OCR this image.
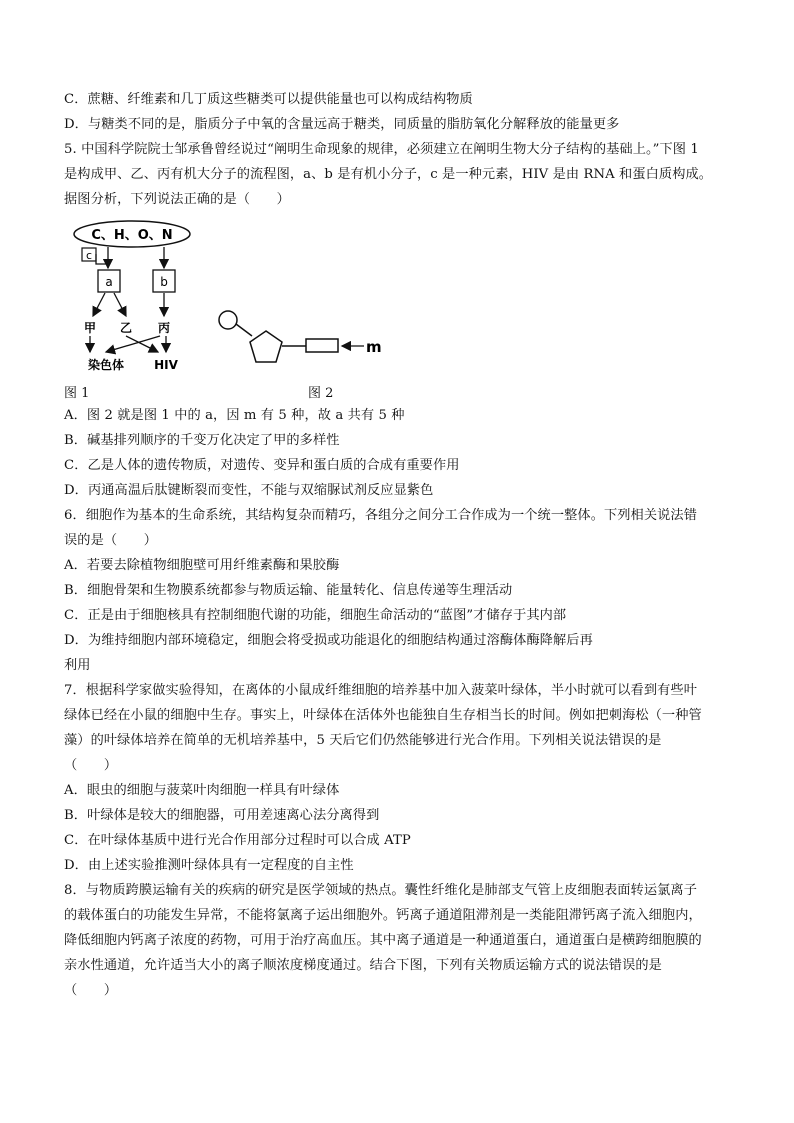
C．蔗糖、纤维素和几丁质这些糖类可以提供能量也可以构成结构物质
D．与糖类不同的是，脂质分子中氧的含量远高于糖类，同质量的脂肪氧化分解释放的能量更多
5. 中国科学院院士邹承鲁曾经说过“阐明生命现象的规律，必须建立在阐明生物大分子结构的基础上。”下图 1
是构成甲、乙、丙有机大分子的流程图，a、b 是有机小分子，c 是一种元素，HIV 是由 RNA 和蛋白质构成。
据图分析，下列说法正确的是（　　）
C、H、O、N
c
a	b
甲 乙 丙
染色体	HIV
m
图 1	图 2
A．图 2 就是图 1 中的 a，因 m 有 5 种，故 a 共有 5 种
B．碱基排列顺序的千变万化决定了甲的多样性
C．乙是人体的遗传物质，对遗传、变异和蛋白质的合成有重要作用
D．丙通高温后肽键断裂而变性，不能与双缩脲试剂反应显紫色
6．细胞作为基本的生命系统，其结构复杂而精巧，各组分之间分工合作成为一个统一整体。下列相关说法错
误的是（　　）
A．若要去除植物细胞壁可用纤维素酶和果胶酶
B．细胞骨架和生物膜系统都参与物质运输、能量转化、信息传递等生理活动
C．正是由于细胞核具有控制细胞代谢的功能，细胞生命活动的“蓝图”才储存于其内部
D．为维持细胞内部环境稳定，细胞会将受损或功能退化的细胞结构通过溶酶体酶降解后再
利用
7．根据科学家做实验得知，在离体的小鼠成纤维细胞的培养基中加入菠菜叶绿体，半小时就可以看到有些叶
绿体已经在小鼠的细胞中生存。事实上，叶绿体在活体外也能独自生存相当长的时间。例如把刺海松（一种管
藻）的叶绿体培养在简单的无机培养基中，5 天后它们仍然能够进行光合作用。下列相关说法错误的是
（　　）
A．眼虫的细胞与菠菜叶肉细胞一样具有叶绿体
B．叶绿体是较大的细胞器，可用差速离心法分离得到
C．在叶绿体基质中进行光合作用部分过程时可以合成 ATP
D．由上述实验推测叶绿体具有一定程度的自主性
8．与物质跨膜运输有关的疾病的研究是医学领域的热点。囊性纤维化是肺部支气管上皮细胞表面转运氯离子
的载体蛋白的功能发生异常，不能将氯离子运出细胞外。钙离子通道阻滞剂是一类能阻滞钙离子流入细胞内，
降低细胞内钙离子浓度的药物，可用于治疗高血压。其中离子通道是一种通道蛋白，通道蛋白是横跨细胞膜的
亲水性通道，允许适当大小的离子顺浓度梯度通过。结合下图，下列有关物质运输方式的说法错误的是
（　　）
